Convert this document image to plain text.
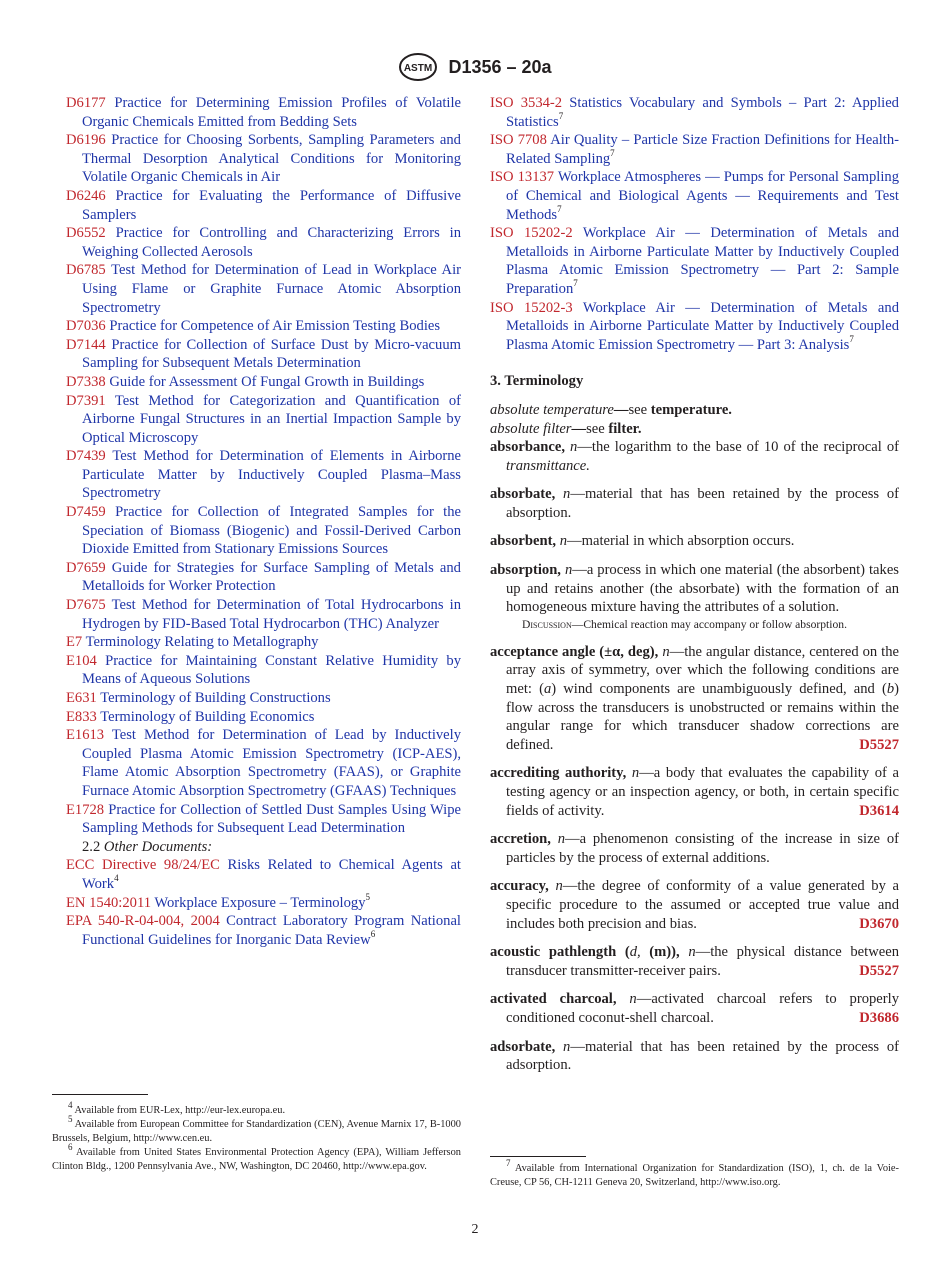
ASTM D1356 – 20a

D6177 Practice for Determining Emission Profiles of Volatile Organic Chemicals Emitted from Bedding Sets

D6196 Practice for Choosing Sorbents, Sampling Parameters and Thermal Desorption Analytical Conditions for Monitoring Volatile Organic Chemicals in Air

D6246 Practice for Evaluating the Performance of Diffusive Samplers

D6552 Practice for Controlling and Characterizing Errors in Weighing Collected Aerosols

D6785 Test Method for Determination of Lead in Workplace Air Using Flame or Graphite Furnace Atomic Absorption Spectrometry

D7036 Practice for Competence of Air Emission Testing Bodies

D7144 Practice for Collection of Surface Dust by Micro-vacuum Sampling for Subsequent Metals Determination

D7338 Guide for Assessment Of Fungal Growth in Buildings

D7391 Test Method for Categorization and Quantification of Airborne Fungal Structures in an Inertial Impaction Sample by Optical Microscopy

D7439 Test Method for Determination of Elements in Airborne Particulate Matter by Inductively Coupled Plasma–Mass Spectrometry

D7459 Practice for Collection of Integrated Samples for the Speciation of Biomass (Biogenic) and Fossil-Derived Carbon Dioxide Emitted from Stationary Emissions Sources

D7659 Guide for Strategies for Surface Sampling of Metals and Metalloids for Worker Protection

D7675 Test Method for Determination of Total Hydrocarbons in Hydrogen by FID-Based Total Hydrocarbon (THC) Analyzer

E7 Terminology Relating to Metallography

E104 Practice for Maintaining Constant Relative Humidity by Means of Aqueous Solutions

E631 Terminology of Building Constructions

E833 Terminology of Building Economics

E1613 Test Method for Determination of Lead by Inductively Coupled Plasma Atomic Emission Spectrometry (ICP-AES), Flame Atomic Absorption Spectrometry (FAAS), or Graphite Furnace Atomic Absorption Spectrometry (GFAAS) Techniques

E1728 Practice for Collection of Settled Dust Samples Using Wipe Sampling Methods for Subsequent Lead Determination

2.2 Other Documents:

ECC Directive 98/24/EC Risks Related to Chemical Agents at Work$^4$

EN 1540:2011 Workplace Exposure – Terminology$^5$

EPA 540-R-04-004, 2004 Contract Laboratory Program National Functional Guidelines for Inorganic Data Review$^6$

ISO 3534-2 Statistics Vocabulary and Symbols – Part 2: Applied Statistics$^7$

ISO 7708 Air Quality – Particle Size Fraction Definitions for Health-Related Sampling$^7$

ISO 13137 Workplace Atmospheres — Pumps for Personal Sampling of Chemical and Biological Agents — Requirements and Test Methods$^7$

ISO 15202-2 Workplace Air — Determination of Metals and Metalloids in Airborne Particulate Matter by Inductively Coupled Plasma Atomic Emission Spectrometry — Part 2: Sample Preparation$^7$

ISO 15202-3 Workplace Air — Determination of Metals and Metalloids in Airborne Particulate Matter by Inductively Coupled Plasma Atomic Emission Spectrometry — Part 3: Analysis$^7$

3. Terminology

absolute temperature—see temperature.

absolute filter—see filter.

absorbance, n—the logarithm to the base of 10 of the reciprocal of transmittance.

absorbate, n—material that has been retained by the process of absorption.

absorbent, n—material in which absorption occurs.

absorption, n—a process in which one material (the absorbent) takes up and retains another (the absorbate) with the formation of an homogeneous mixture having the attributes of a solution.

Discussion—Chemical reaction may accompany or follow absorption.

acceptance angle (±α, deg), n—the angular distance, centered on the array axis of symmetry, over which the following conditions are met: (a) wind components are unambiguously defined, and (b) flow across the transducers is unobstructed or remains within the angular range for which transducer shadow corrections are defined.	D5527

accrediting authority, n—a body that evaluates the capability of a testing agency or an inspection agency, or both, in certain specific fields of activity.	D3614

accretion, n—a phenomenon consisting of the increase in size of particles by the process of external additions.

accuracy, n—the degree of conformity of a value generated by a specific procedure to the assumed or accepted true value and includes both precision and bias.	D3670

acoustic pathlength (d, (m)), n—the physical distance between transducer transmitter-receiver pairs.	D5527

activated charcoal, n—activated charcoal refers to properly conditioned coconut-shell charcoal.	D3686

adsorbate, n—material that has been retained by the process of adsorption.

$^4$ Available from EUR-Lex, http://eur-lex.europa.eu.

$^5$ Available from European Committee for Standardization (CEN), Avenue Marnix 17, B-1000 Brussels, Belgium, http://www.cen.eu.

$^6$ Available from United States Environmental Protection Agency (EPA), William Jefferson Clinton Bldg., 1200 Pennsylvania Ave., NW, Washington, DC 20460, http://www.epa.gov.	$^7$ Available from International Organization for Standardization (ISO), 1, ch. de la Voie-Creuse, CP 56, CH-1211 Geneva 20, Switzerland, http://www.iso.org.

2
